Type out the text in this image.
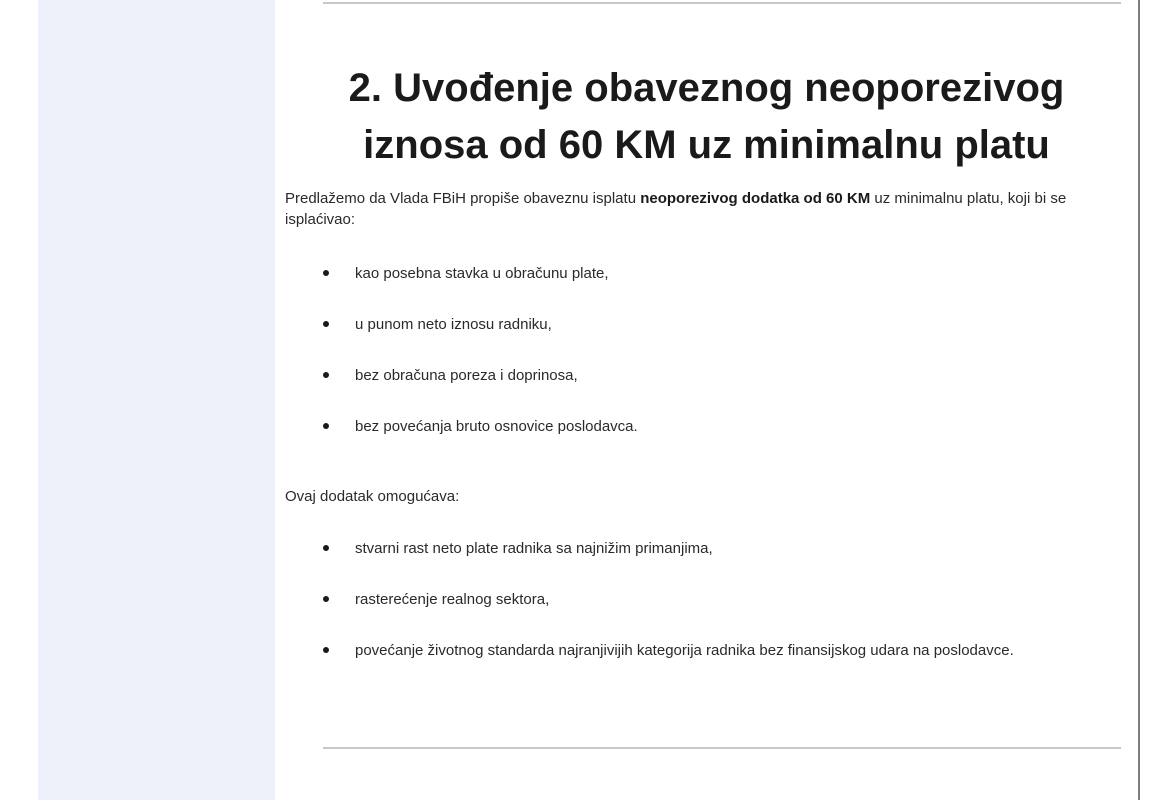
2. Uvođenje obaveznog neoporezivog
iznosa od 60 KM uz minimalnu platu

Predlažemo da Vlada FBiH propiše obaveznu isplatu neoporezivog dodatka od 60 KM uz minimalnu platu, koji bi se isplaćivao:

kao posebna stavka u obračunu plate,
u punom neto iznosu radniku,
bez obračuna poreza i doprinosa,
bez povećanja bruto osnovice poslodavca.

Ovaj dodatak omogućava:

stvarni rast neto plate radnika sa najnižim primanjima,
rasterećenje realnog sektora,
povećanje životnog standarda najranjivijih kategorija radnika bez finansijskog udara na poslodavce.
